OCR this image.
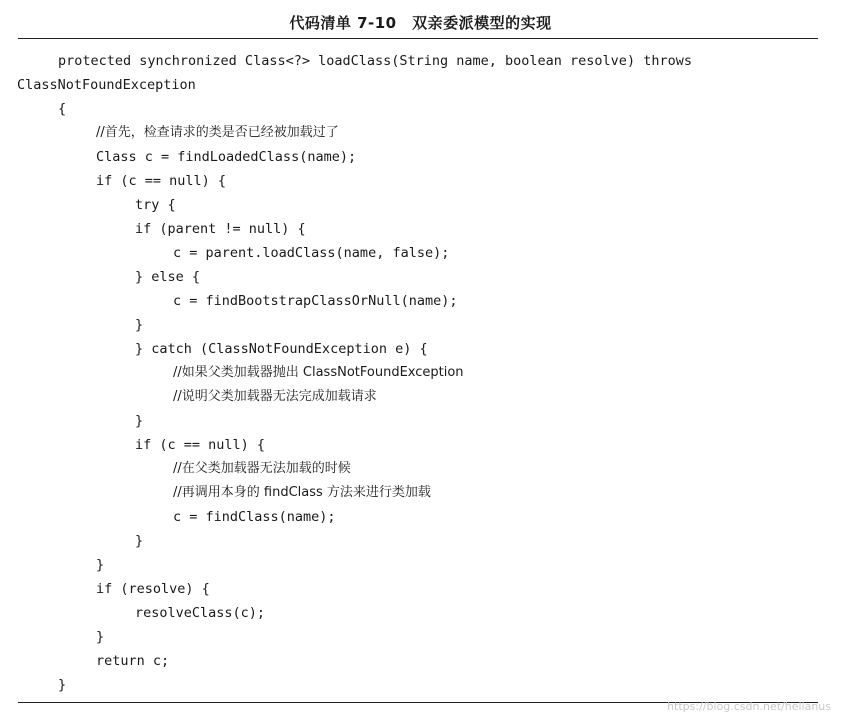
代码清单 7-10　双亲委派模型的实现
protected synchronized Class<?> loadClass(String name, boolean resolve) throws
ClassNotFoundException
{
//首先，检查请求的类是否已经被加载过了
Class c = findLoadedClass(name);
if (c == null) {
try {
if (parent != null) {
c = parent.loadClass(name, false);
} else {
c = findBootstrapClassOrNull(name);
}
} catch (ClassNotFoundException e) {
//如果父类加载器抛出 ClassNotFoundException
//说明父类加载器无法完成加载请求
}
if (c == null) {
//在父类加载器无法加载的时候
//再调用本身的 findClass 方法来进行类加载
c = findClass(name);
}
}
if (resolve) {
resolveClass(c);
}
return c;
}
https://blog.csdn.net/hellanus
